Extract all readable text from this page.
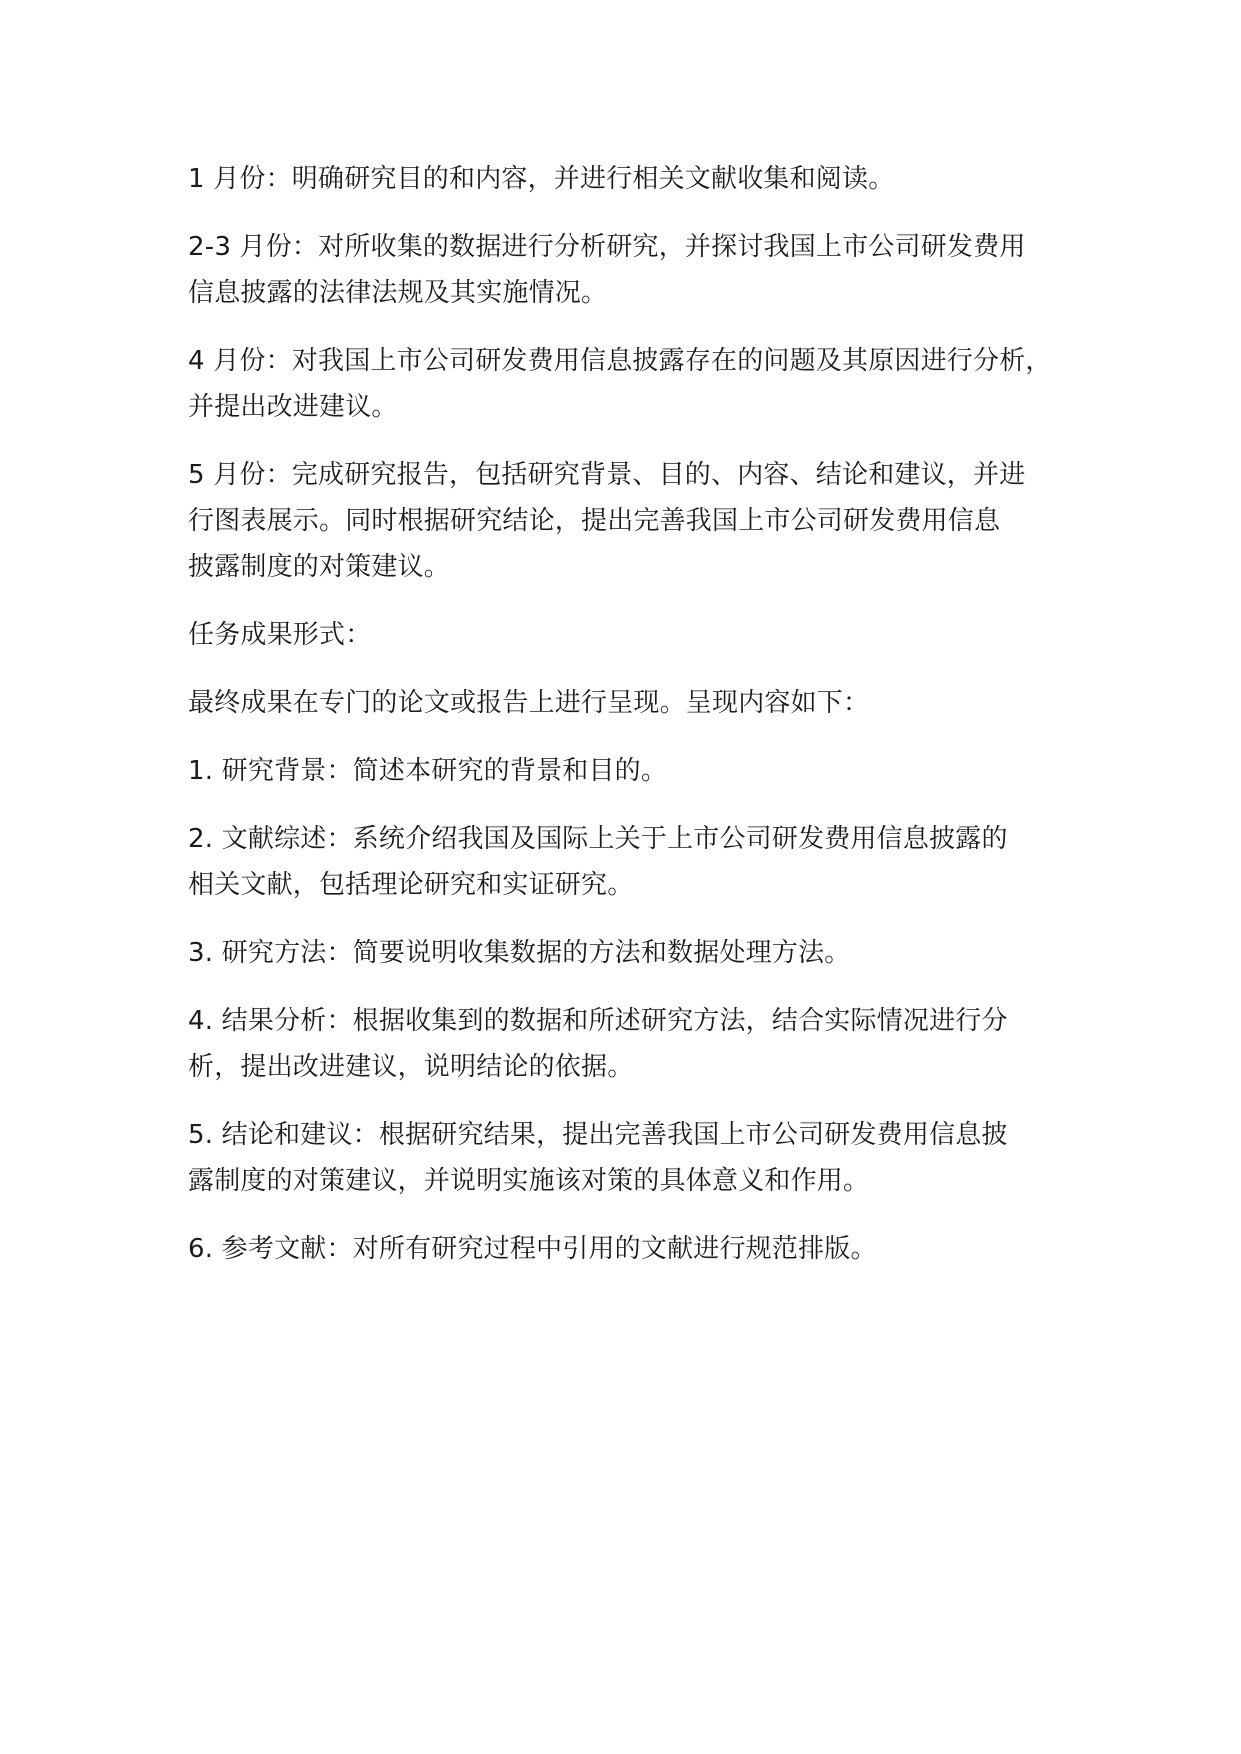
1 月份：明确研究目的和内容，并进行相关文献收集和阅读。

2-3 月份：对所收集的数据进行分析研究，并探讨我国上市公司研发费用
信息披露的法律法规及其实施情况。

4 月份：对我国上市公司研发费用信息披露存在的问题及其原因进行分析，
并提出改进建议。

5 月份：完成研究报告，包括研究背景、目的、内容、结论和建议，并进
行图表展示。同时根据研究结论，提出完善我国上市公司研发费用信息
披露制度的对策建议。

任务成果形式：

最终成果在专门的论文或报告上进行呈现。呈现内容如下：

1. 研究背景：简述本研究的背景和目的。

2. 文献综述：系统介绍我国及国际上关于上市公司研发费用信息披露的
相关文献，包括理论研究和实证研究。

3. 研究方法：简要说明收集数据的方法和数据处理方法。

4. 结果分析：根据收集到的数据和所述研究方法，结合实际情况进行分
析，提出改进建议，说明结论的依据。

5. 结论和建议：根据研究结果，提出完善我国上市公司研发费用信息披
露制度的对策建议，并说明实施该对策的具体意义和作用。

6. 参考文献：对所有研究过程中引用的文献进行规范排版。
